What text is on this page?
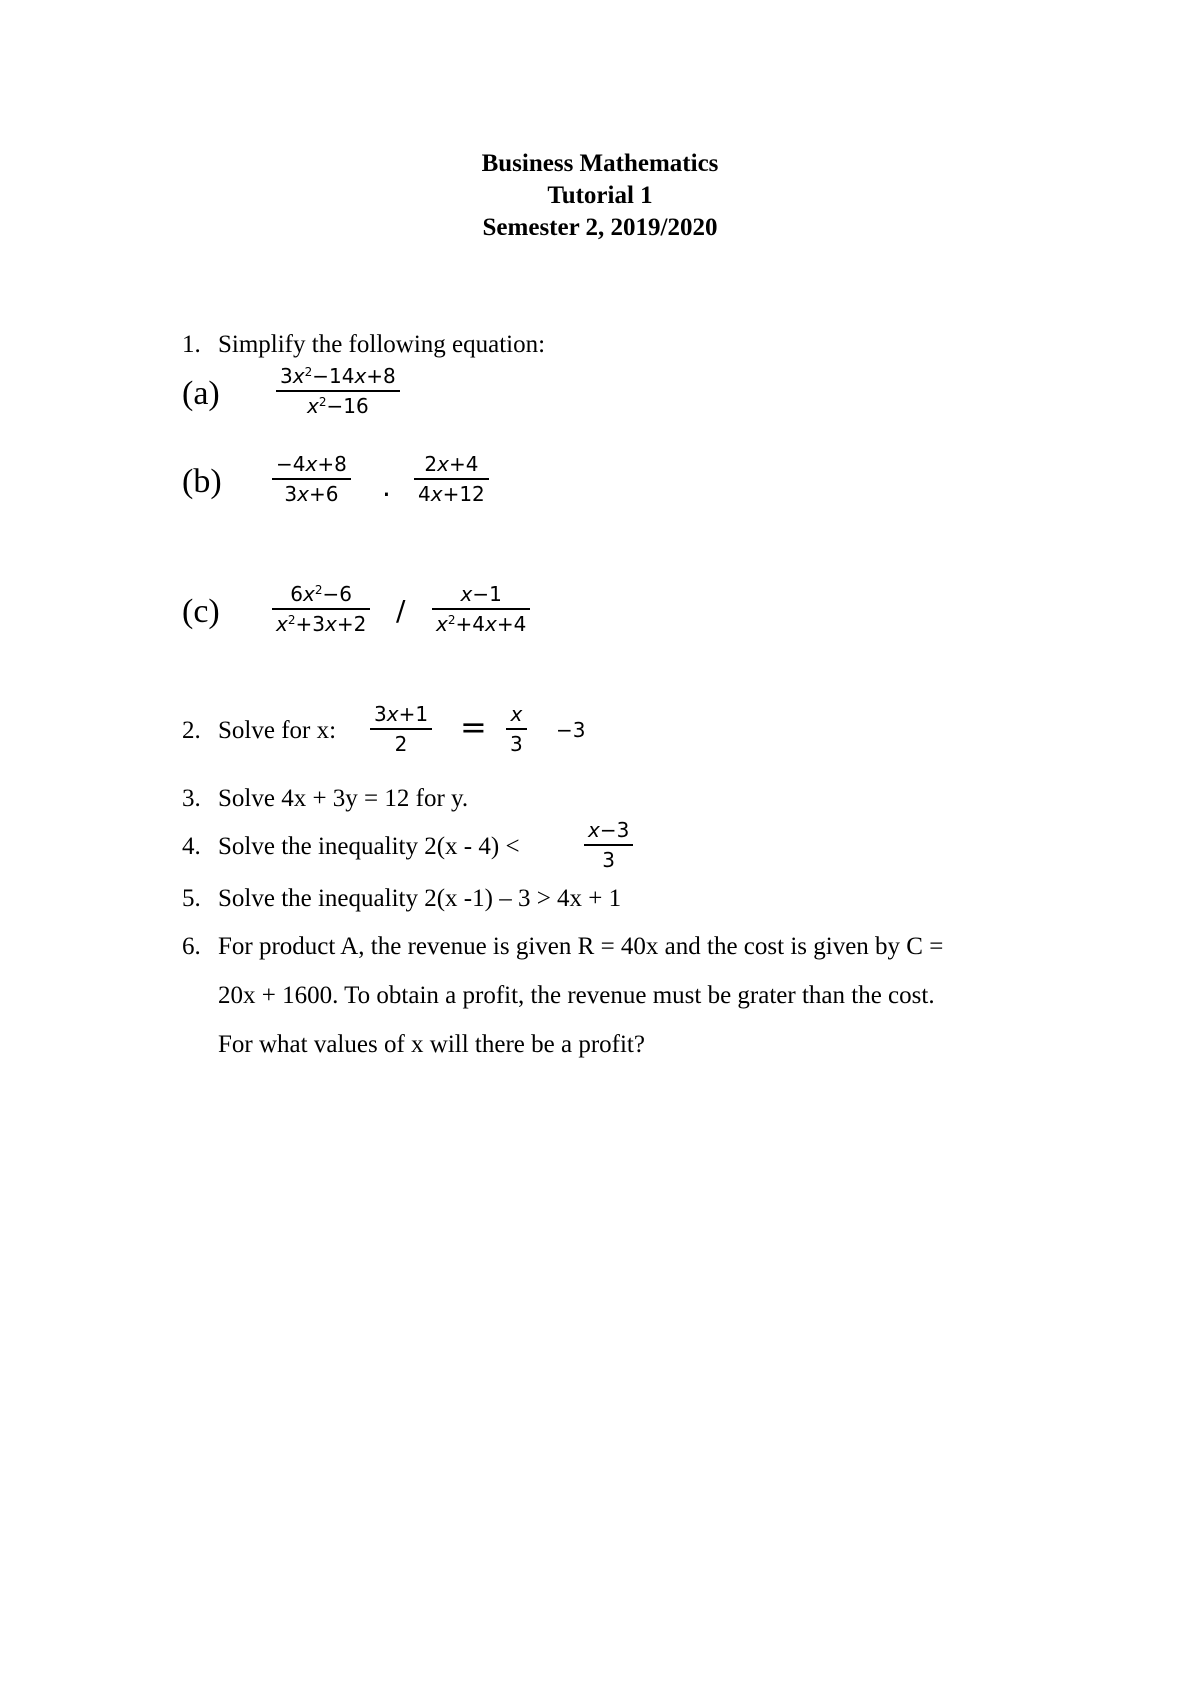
Business Mathematics
Tutorial 1
Semester 2, 2019/2020
1. Simplify the following equation:
(a)	$3x^2-14x+8$
$x^2-16$
(b)	−4x+8
3x+6 .
2x+4
4x+12
(c)	$6x^2-6$
$x^2+3x+2$ /	x−1
$x^2+4x+4$
2. Solve for x:
3x+1
2 = x
3
−3
3. Solve 4x + 3y = 12 for y.
4. Solve the inequality 2(x - 4) <
x−3
3
5. Solve the inequality 2(x -1) – 3 > 4x + 1
6. For product A, the revenue is given R = 40x and the cost is given by C =
20x + 1600. To obtain a profit, the revenue must be grater than the cost.
For what values of x will there be a profit?
